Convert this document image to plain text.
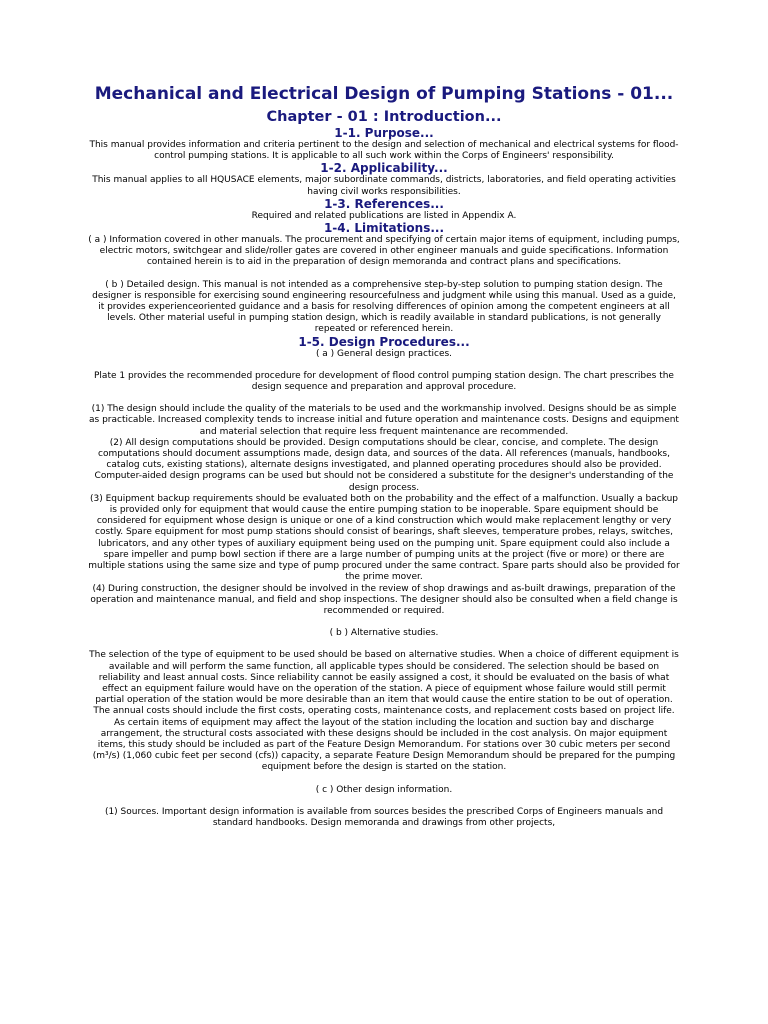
Mechanical and Electrical Design of Pumping Stations - 01...
Chapter - 01 : Introduction...
1-1. Purpose...

This manual provides information and criteria pertinent to the design and selection of mechanical and electrical systems for flood-control pumping stations. It is applicable to all such work within the Corps of Engineers' responsibility.

1-2. Applicability...

This manual applies to all HQUSACE elements, major subordinate commands, districts, laboratories, and field operating activities having civil works responsibilities.

1-3. References...

Required and related publications are listed in Appendix A.

1-4. Limitations...

( a ) Information covered in other manuals. The procurement and specifying of certain major items of equipment, including pumps, electric motors, switchgear and slide/roller gates are covered in other engineer manuals and guide specifications. Information contained herein is to aid in the preparation of design memoranda and contract plans and specifications.

( b ) Detailed design. This manual is not intended as a comprehensive step-by-step solution to pumping station design. The designer is responsible for exercising sound engineering resourcefulness and judgment while using this manual. Used as a guide, it provides experienceoriented guidance and a basis for resolving differences of opinion among the competent engineers at all levels. Other material useful in pumping station design, which is readily available in standard publications, is not generally repeated or referenced herein.

1-5. Design Procedures...

( a ) General design practices.

Plate 1 provides the recommended procedure for development of flood control pumping station design. The chart prescribes the design sequence and preparation and approval procedure.

(1) The design should include the quality of the materials to be used and the workmanship involved. Designs should be as simple as practicable. Increased complexity tends to increase initial and future operation and maintenance costs. Designs and equipment and material selection that require less frequent maintenance are recommended.

(2) All design computations should be provided. Design computations should be clear, concise, and complete. The design computations should document assumptions made, design data, and sources of the data. All references (manuals, handbooks, catalog cuts, existing stations), alternate designs investigated, and planned operating procedures should also be provided. Computer-aided design programs can be used but should not be considered a substitute for the designer's understanding of the design process.

(3) Equipment backup requirements should be evaluated both on the probability and the effect of a malfunction. Usually a backup is provided only for equipment that would cause the entire pumping station to be inoperable. Spare equipment should be considered for equipment whose design is unique or one of a kind construction which would make replacement lengthy or very costly. Spare equipment for most pump stations should consist of bearings, shaft sleeves, temperature probes, relays, switches, lubricators, and any other types of auxiliary equipment being used on the pumping unit. Spare equipment could also include a spare impeller and pump bowl section if there are a large number of pumping units at the project (five or more) or there are multiple stations using the same size and type of pump procured under the same contract. Spare parts should also be provided for the prime mover.

(4) During construction, the designer should be involved in the review of shop drawings and as-built drawings, preparation of the operation and maintenance manual, and field and shop inspections. The designer should also be consulted when a field change is recommended or required.

( b ) Alternative studies.

The selection of the type of equipment to be used should be based on alternative studies. When a choice of different equipment is available and will perform the same function, all applicable types should be considered. The selection should be based on reliability and least annual costs. Since reliability cannot be easily assigned a cost, it should be evaluated on the basis of what effect an equipment failure would have on the operation of the station. A piece of equipment whose failure would still permit partial operation of the station would be more desirable than an item that would cause the entire station to be out of operation. The annual costs should include the first costs, operating costs, maintenance costs, and replacement costs based on project life. As certain items of equipment may affect the layout of the station including the location and suction bay and discharge arrangement, the structural costs associated with these designs should be included in the cost analysis. On major equipment items, this study should be included as part of the Feature Design Memorandum. For stations over 30 cubic meters per second (m³/s) (1,060 cubic feet per second (cfs)) capacity, a separate Feature Design Memorandum should be prepared for the pumping equipment before the design is started on the station.

( c ) Other design information.

(1) Sources. Important design information is available from sources besides the prescribed Corps of Engineers manuals and standard handbooks. Design memoranda and drawings from other projects,
